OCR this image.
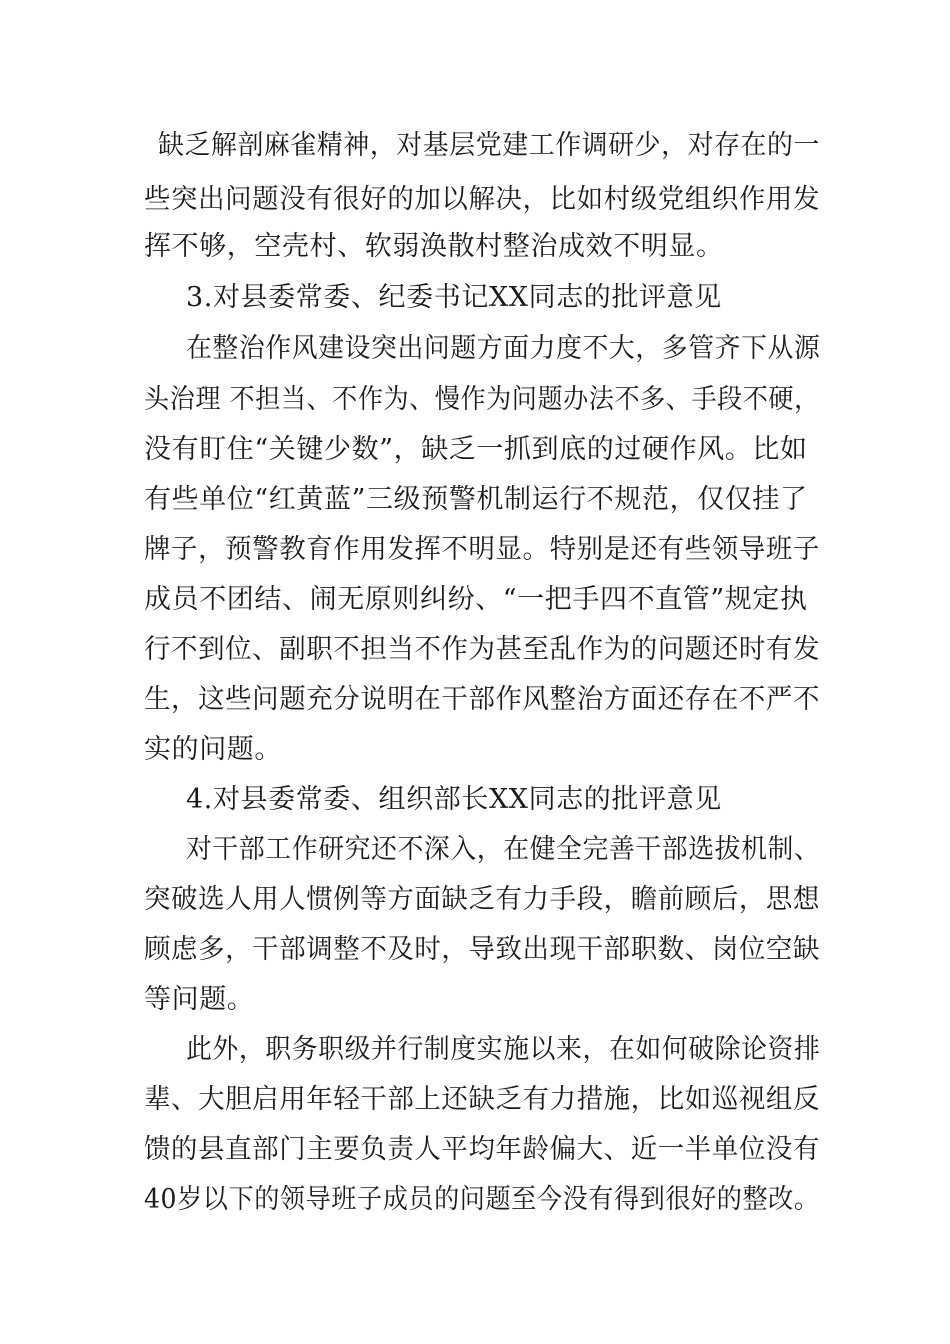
缺乏解剖麻雀精神，对基层党建工作调研少，对存在的一

些突出问题没有很好的加以解决，比如村级党组织作用发

挥不够，空壳村、软弱涣散村整治成效不明显。

3.对县委常委、纪委书记XX同志的批评意见

在整治作风建设突出问题方面力度不大，多管齐下从源

头治理 不担当、不作为、慢作为问题办法不多、手段不硬，

没有盯住“关键少数”，缺乏一抓到底的过硬作风。比如

有些单位“红黄蓝”三级预警机制运行不规范，仅仅挂了

牌子，预警教育作用发挥不明显。特别是还有些领导班子

成员不团结、闹无原则纠纷、“一把手四不直管”规定执

行不到位、副职不担当不作为甚至乱作为的问题还时有发

生，这些问题充分说明在干部作风整治方面还存在不严不

实的问题。

4.对县委常委、组织部长XX同志的批评意见

对干部工作研究还不深入，在健全完善干部选拔机制、

突破选人用人惯例等方面缺乏有力手段，瞻前顾后，思想

顾虑多，干部调整不及时，导致出现干部职数、岗位空缺

等问题。

此外，职务职级并行制度实施以来，在如何破除论资排

辈、大胆启用年轻干部上还缺乏有力措施，比如巡视组反

馈的县直部门主要负责人平均年龄偏大、近一半单位没有

40岁以下的领导班子成员的问题至今没有得到很好的整改。
